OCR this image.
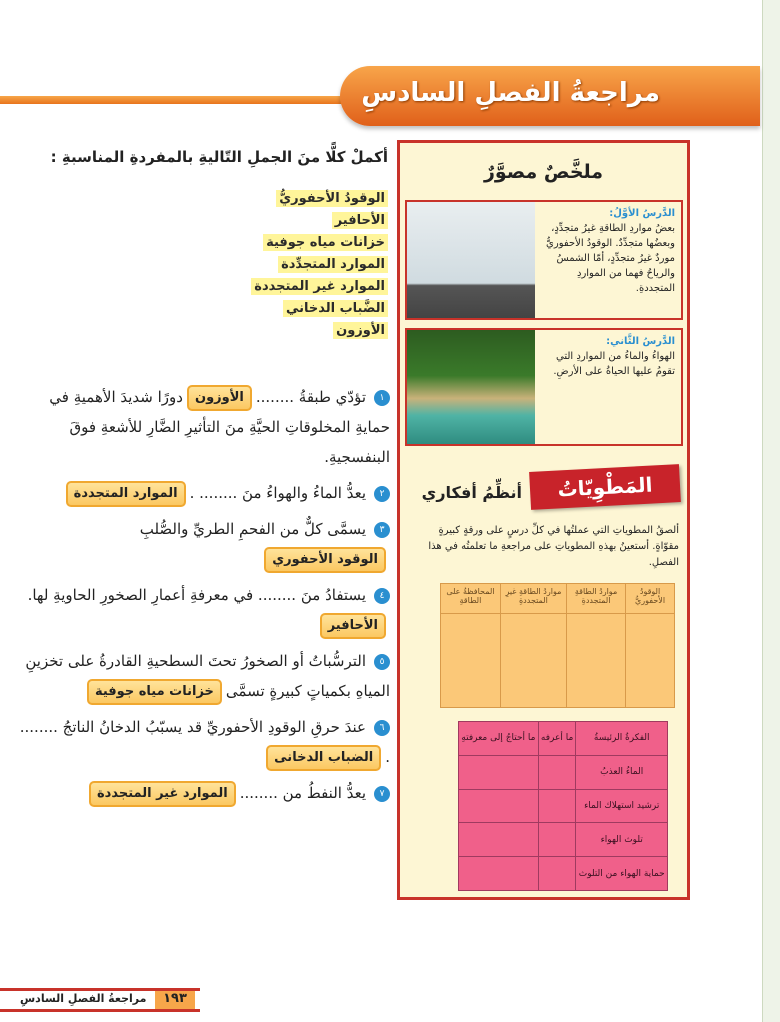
مراجعةُ الفصلِ السادسِ
أكملْ كلًّا منَ الجملِ التّاليةِ بالمفردةِ المناسبةِ :
الوقودُ الأحفوريُّ
الأحافير
خزانات مياه جوفية
الموارد المتجدِّدة
الموارد غير المتجددة
الضَّباب الدخاني
الأوزون
١تؤدّي طبقةُ ........الأوزوندورًا شديدَ الأهميةِ في حمايةِ المخلوقاتِ الحيَّةِ منَ التأثيرِ الضَّارِ للأشعةِ فوقَ البنفسجيةِ.
٢يعدُّ الماءُ والهواءُ منَ ........ .الموارد المتجددة
٣يسمَّى كلٌّ من الفحمِ الطريِّ والصُّلبِالوقود الأحفوري
٤يستفادُ منَ ........ في معرفةِ أعمارِ الصخورِ الحاويةِ لها.الأحافير
٥الترسُّباتُ أو الصخورُ تحتَ السطحيةِ القادرةُ على تخزينِ المياهِ بكمياتٍ كبيرةٍ تسمَّىخزانات مياه جوفية
٦عندَ حرقِ الوقودِ الأحفوريِّ قد يسبّبُ الدخانُ الناتجُ ........ .الضباب الدخانى
٧يعدُّ النفطُ من ........الموارد غير المتجددة
ملخَّصٌ مصوَّرٌ
الدَّرسُ الأوَّلُ:
بعضُ مواردِ الطاقةِ غيرُ متجدِّدٍ، وبعضُها متجدِّدٌ. الوقودُ الأحفوريُّ موردٌ غيرُ متجدِّدٍ، أمّا الشمسُ والرياحُ فهما من المواردِ المتجددةِ.
الدَّرسُ الثَّاني:
الهواءُ والماءُ من المواردِ التي تقومُ عليها الحياةُ على الأرضِ.
المَطْوِيّاتُ
أنظِّمُ أفكاري
ألصقُ المطوياتِ التي عملتُها في كلِّ درسٍ على ورقةٍ كبيرةٍ مقوّاةٍ. أستعينُ بهذهِ المطوياتِ على مراجعةِ ما تعلمتُه في هذا الفصلِ.
الوقودُ الأحفوريُّ	مواردُ الطاقةِ المتجددةِ	مواردُ الطاقةِ غيرِ المتجددةِ	المحافظةُ على الطاقةِ

الفكرةُ الرئيسةُ	ما أعرفه	ما أحتاجُ إلى معرفتهِ
الماءُ العذبُ		
ترشيد استهلاك الماء		
تلوث الهواء		
حماية الهواء من التلوث		
١٩٣
مراجعةُ الفصلِ السادسِ
